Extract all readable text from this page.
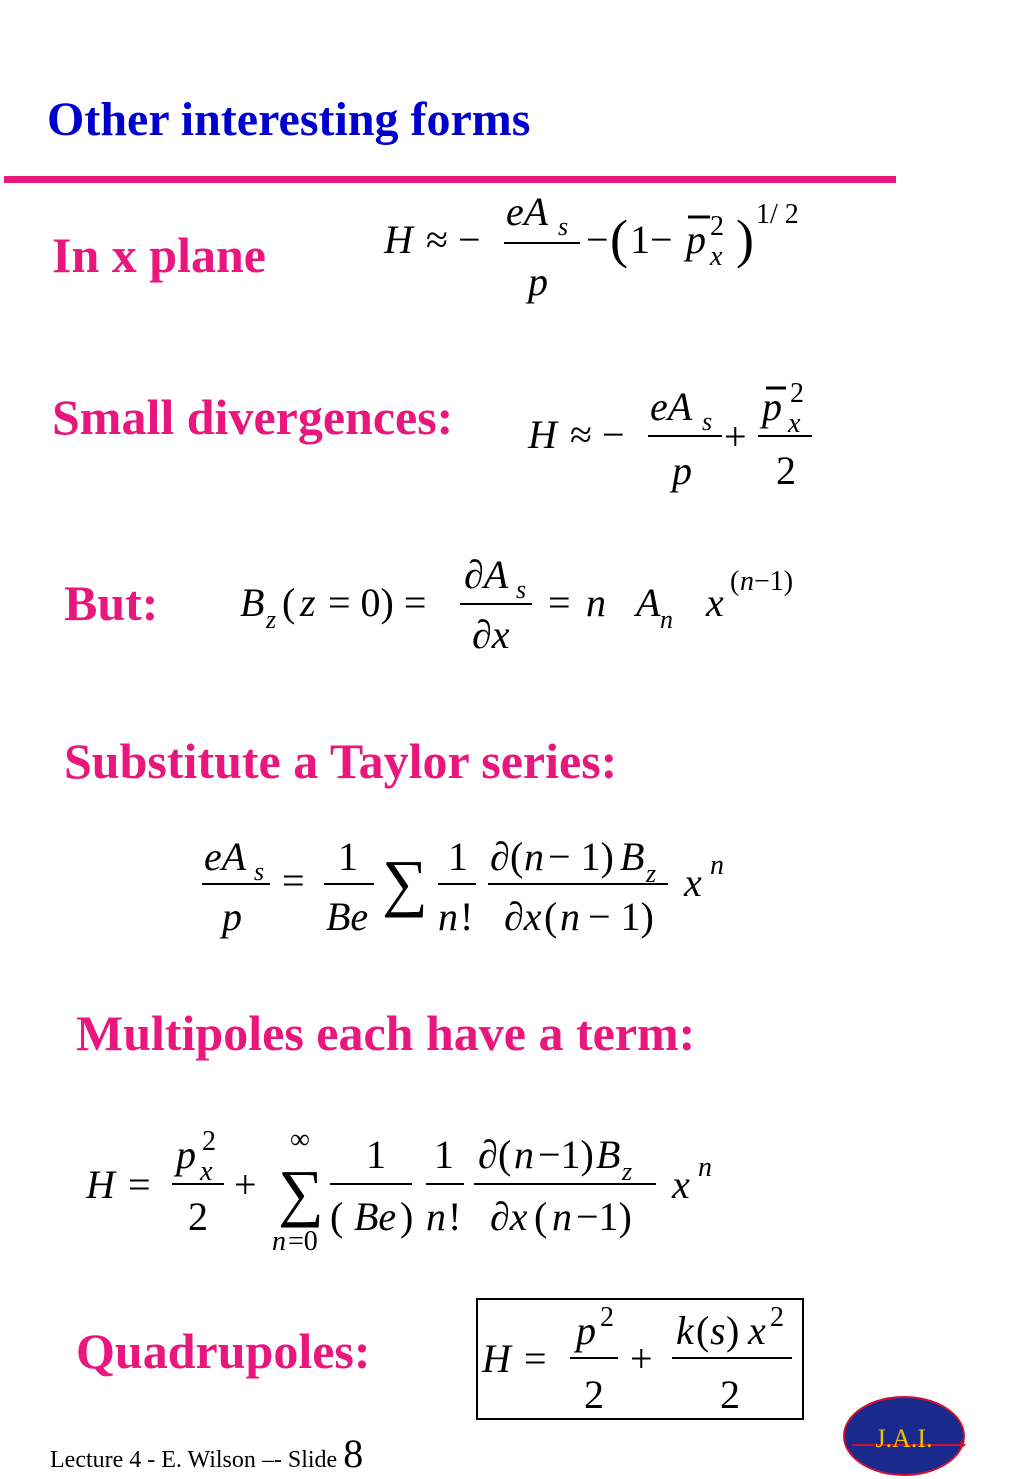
Other interesting forms
In x plane	H ≈ −
eA s
p
− ( 1− p 2
x ) 1/ 2
Small divergences: H ≈ −
eA s
p
+
p 2
x
2
But: B z ( z = 0) =
∂A s
∂x
= n A n x ( n −1)
Substitute a Taylor series:
eA s
p
=
1
Be ∑ 1
n !
∂ ( n − 1) B z
∂x ( n − 1)
x n
Multipoles each have a term:
H =
p 2
x
2
+
∞
∑
n =0
1
( Be )
1
n !
∂ ( n −1) B z
∂x ( n −1)
x n
Quadrupoles:	H =
p 2
2
+
k ( s ) x 2
2
Lecture 4 - E. Wilson –- Slide 8	J.A.I.
